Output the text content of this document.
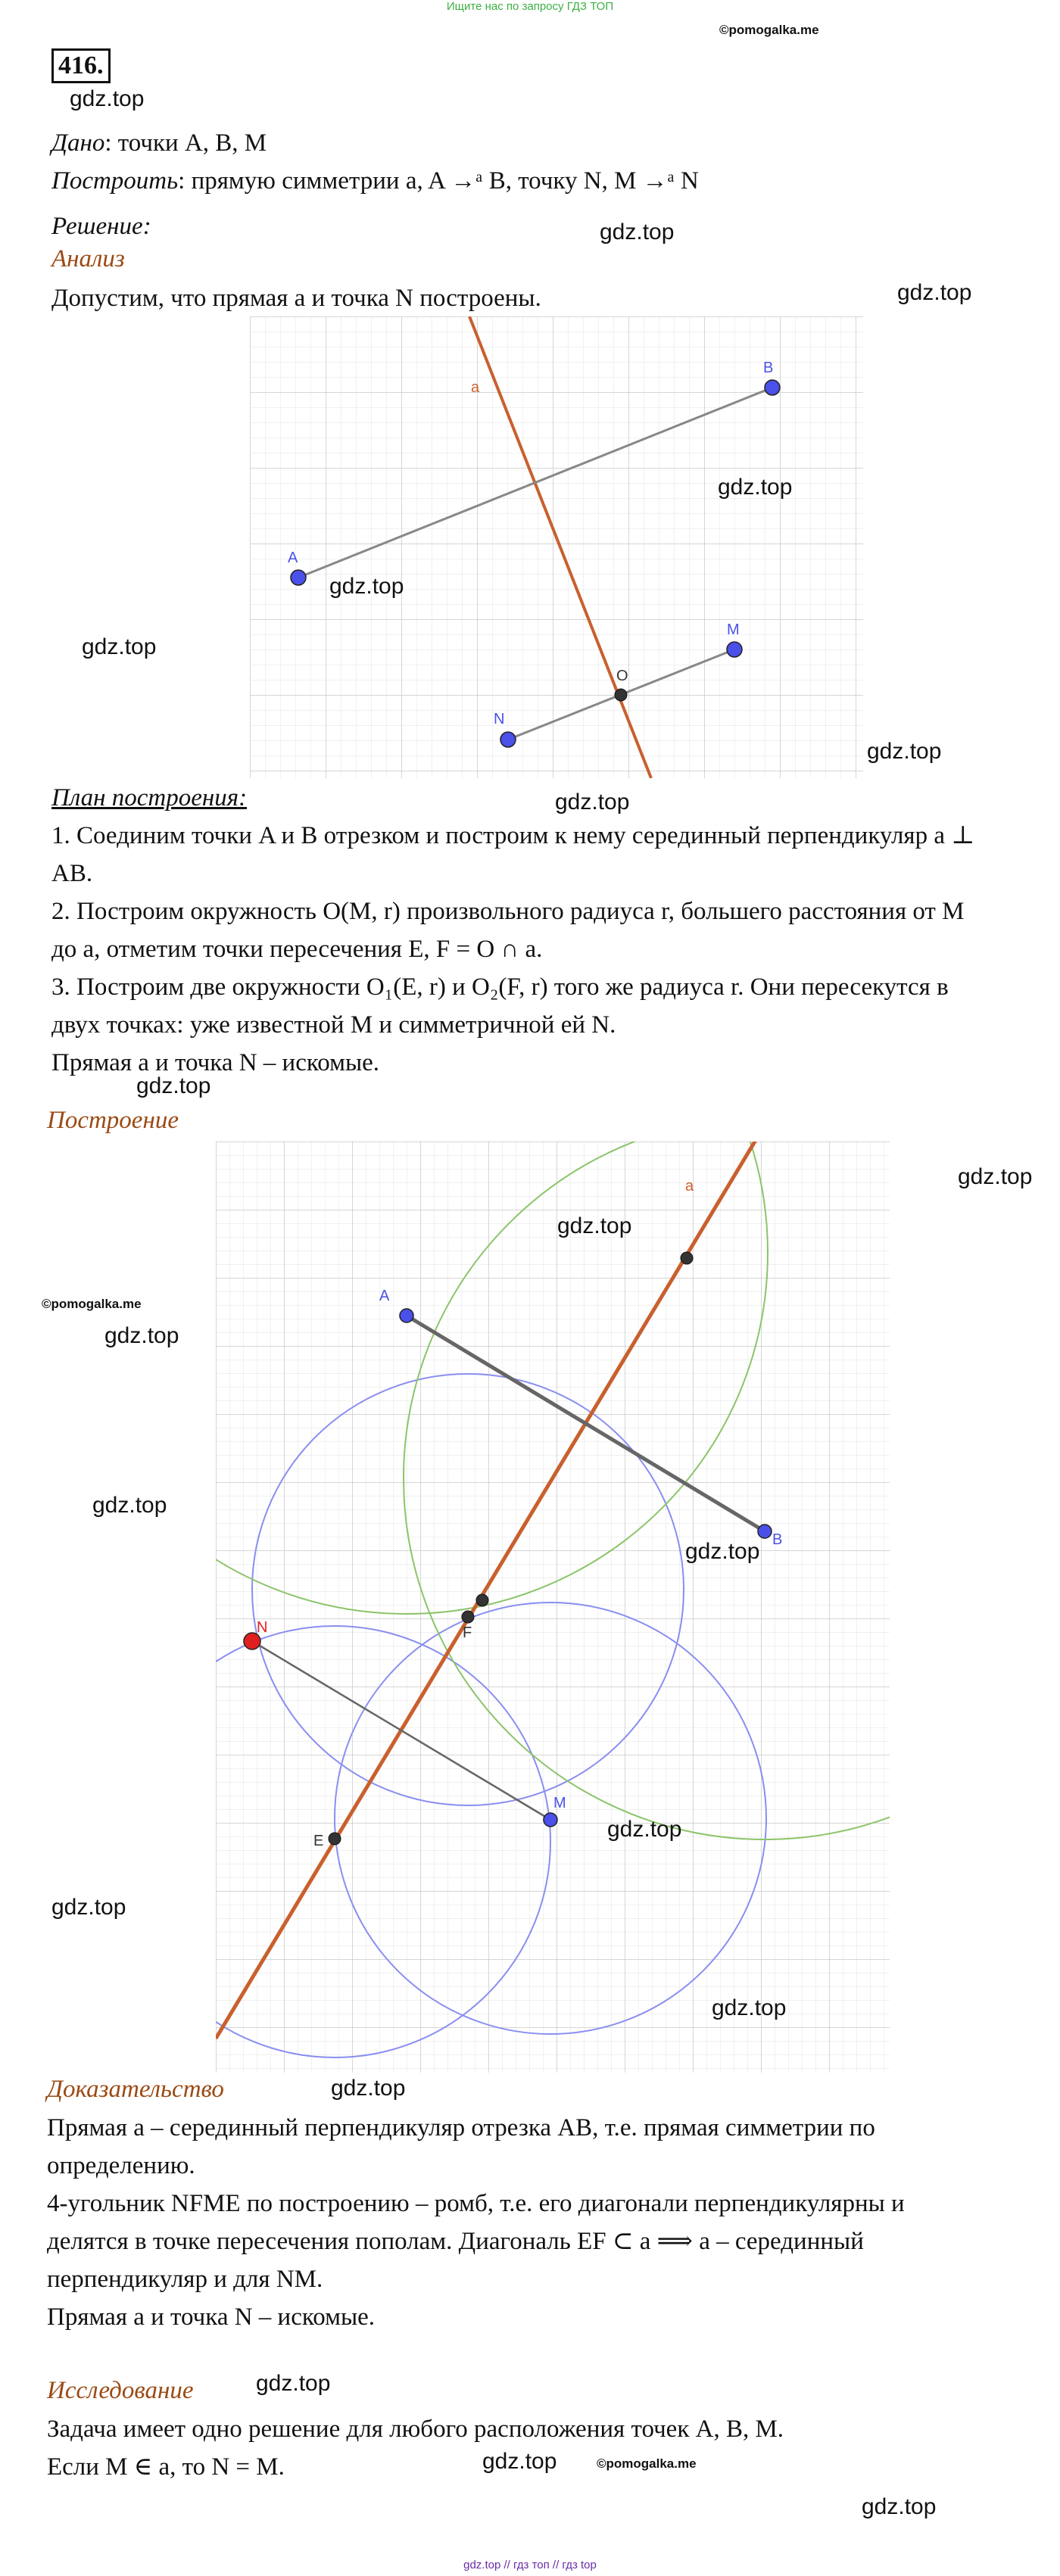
Ищите нас по запросу ГДЗ ТОП
©pomogalka.me
416.
Дано: точки A, B, M
Построить: прямую симметрии a, A →ᵃ B, точку N, M →ᵃ N
Решение:
Анализ
Допустим, что прямая a и точка N построены.
a
A
B
M
N
O
План построения:
1. Соединим точки A и B отрезком и построим к нему серединный перпендикуляр a ⊥
AB.
2. Построим окружность O(M, r) произвольного радиуса r, большего расстояния от M
до a, отметим точки пересечения E, F = O ∩ a.
3. Построим две окружности O₁(E, r) и O₂(F, r) того же радиуса r. Они пересекутся в
двух точках: уже известной M и симметричной ей N.
Прямая a и точка N – искомые.
Построение
a
A
B
M
N
E
F
Доказательство
Прямая a – серединный перпендикуляр отрезка AB, т.е. прямая симметрии по
определению.
4-угольник NFME по построению – ромб, т.е. его диагонали перпендикулярны и
делятся в точке пересечения пополам. Диагональ EF ⊂ a ⟹ a – серединный
перпендикуляр и для NM.
Прямая a и точка N – искомые.
Исследование
Задача имеет одно решение для любого расположения точек A, B, M.
Если M ∈ a, то N = M.
gdz.top
gdz.top
gdz.top
gdz.top
gdz.top
gdz.top
gdz.top
gdz.top
gdz.top
gdz.top
gdz.top
©pomogalka.me
gdz.top
gdz.top
gdz.top
gdz.top
gdz.top
gdz.top
gdz.top
gdz.top
gdz.top	©pomogalka.me
gdz.top
gdz.top // гдз топ // гдз top
